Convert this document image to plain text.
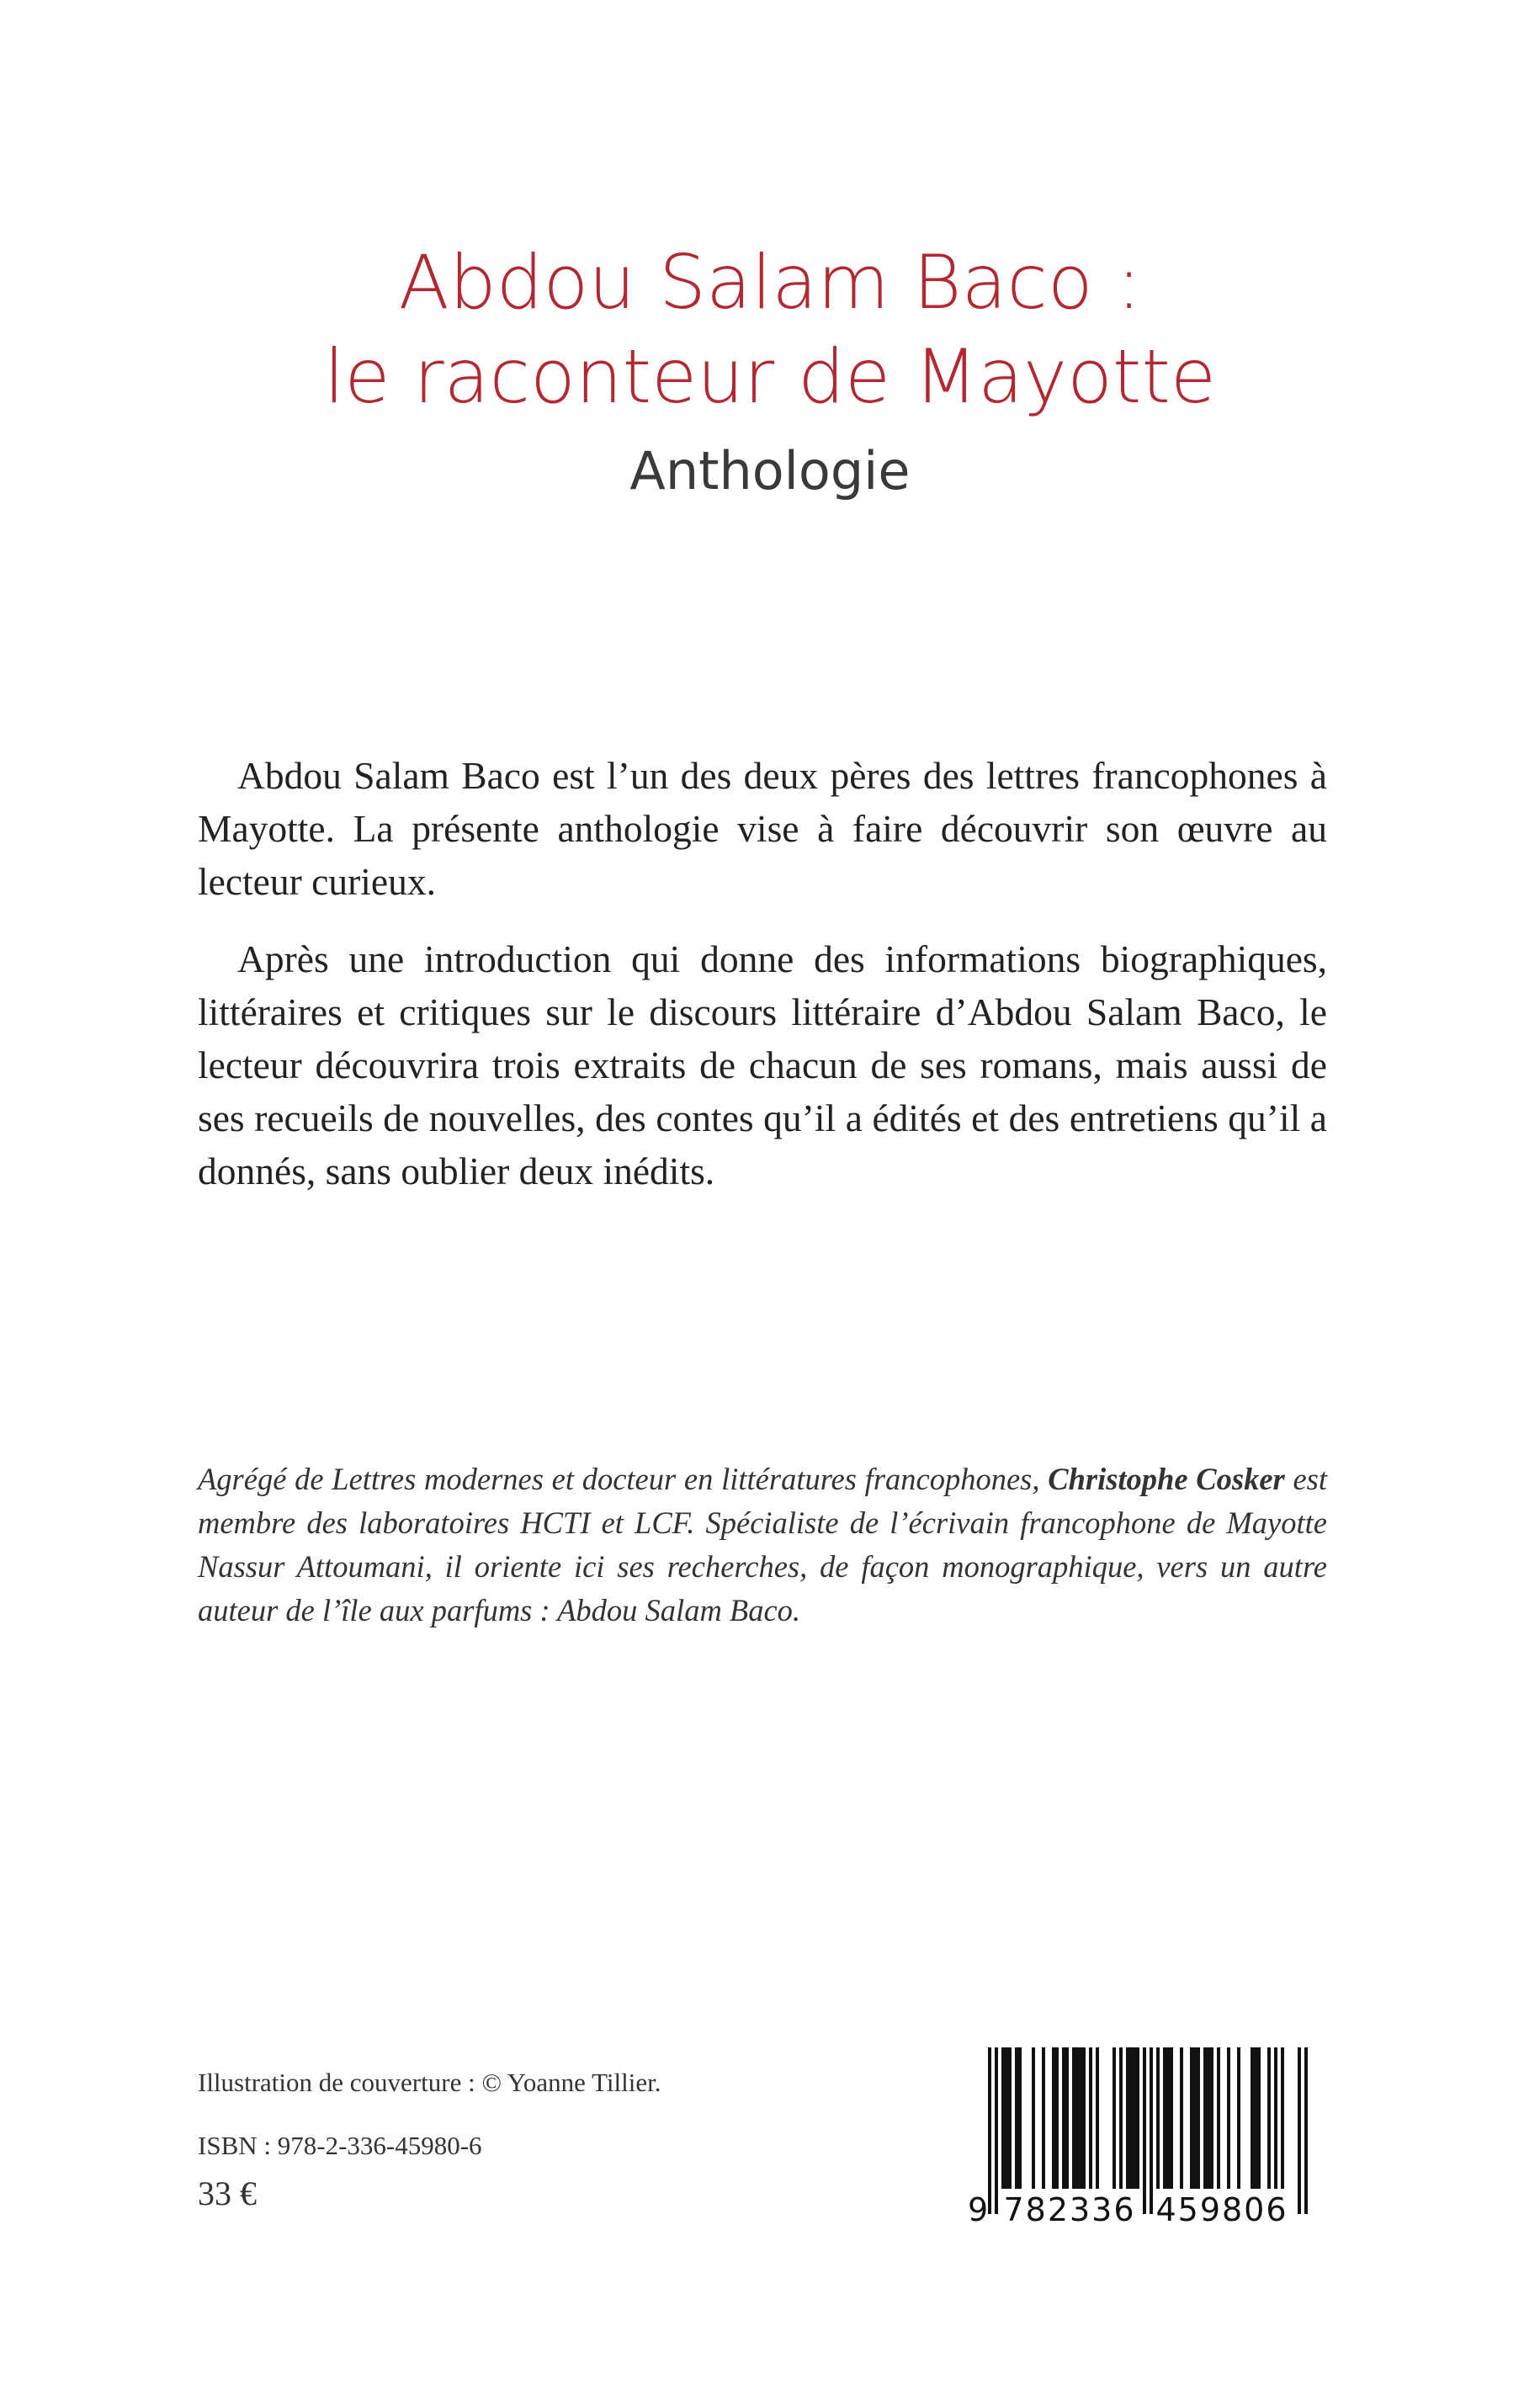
Abdou Salam Baco :
le raconteur de Mayotte
Anthologie

Abdou Salam Baco est l’un des deux pères des lettres francophones à Mayotte. La présente anthologie vise à faire découvrir son œuvre au lecteur curieux.

Après une introduction qui donne des informations biographiques, littéraires et critiques sur le discours littéraire d’Abdou Salam Baco, le lecteur découvrira trois extraits de chacun de ses romans, mais aussi de ses recueils de nouvelles, des contes qu’il a édités et des entretiens qu’il a donnés, sans oublier deux inédits.

Agrégé de Lettres modernes et docteur en littératures francophones, Christophe Cosker est membre des laboratoires HCTI et LCF. Spécialiste de l’écrivain francophone de Mayotte Nassur Attoumani, il oriente ici ses recherches, de façon monographique, vers un autre auteur de l’île aux parfums : Abdou Salam Baco.
Illustration de couverture : © Yoanne Tillier.
ISBN : 978-2-336-45980-6
33 €	9 782336 459806
